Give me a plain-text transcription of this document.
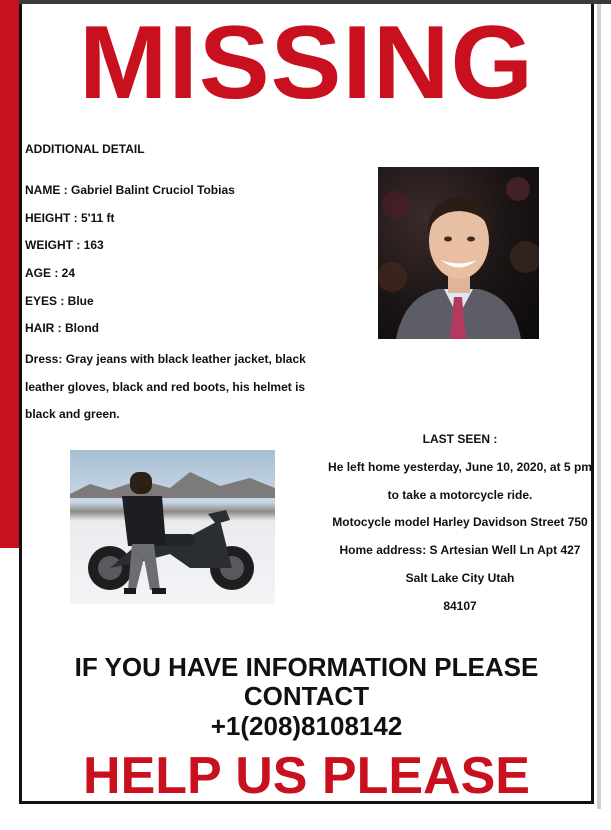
MISSING
ADDITIONAL DETAIL
NAME : Gabriel Balint Cruciol Tobias
HEIGHT : 5'11 ft
WEIGHT : 163
AGE : 24
EYES : Blue
HAIR : Blond
Dress: Gray jeans with black leather jacket, black leather gloves, black and red boots, his helmet is black and green.
LAST SEEN :
He left home yesterday, June 10, 2020, at 5 pm
to take a motorcycle ride.
Motocycle model Harley Davidson Street 750
Home address: S Artesian Well Ln Apt 427
Salt Lake City Utah
84107
IF YOU HAVE INFORMATION PLEASE
CONTACT
+1(208)8108142
HELP US PLEASE
